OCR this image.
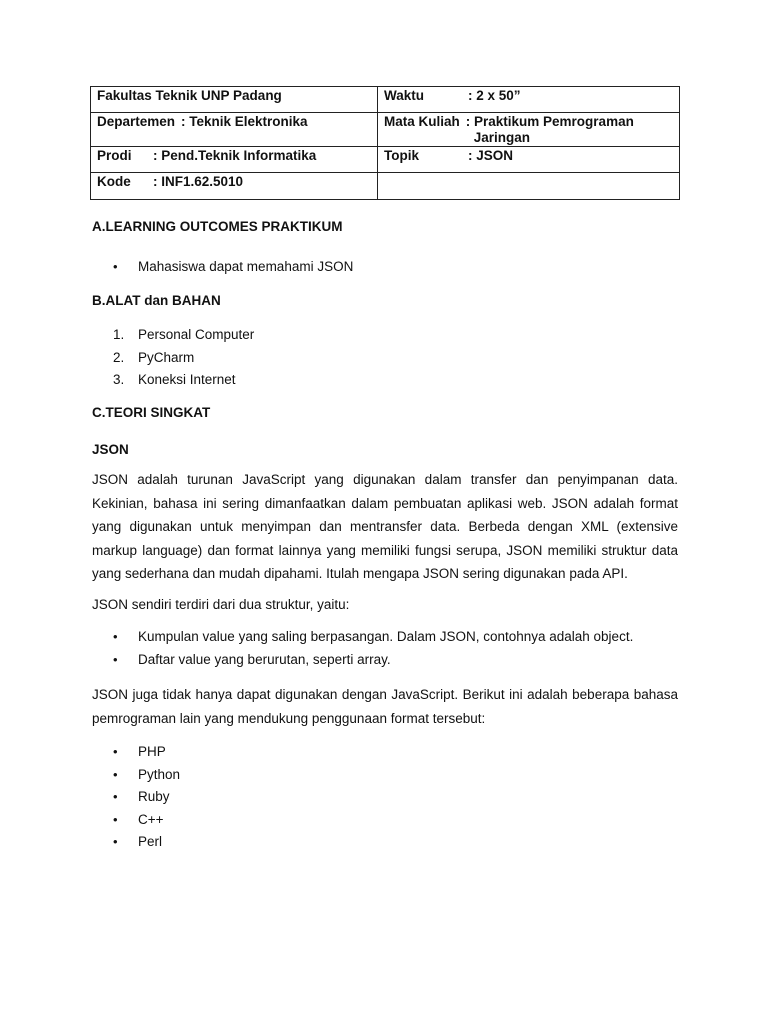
Fakultas Teknik UNP Padang	Waktu : 2 x 50”

Departemen : Teknik Elektronika	Mata Kuliah : Praktikum Pemrograman
Jaringan

Prodi : Pend.Teknik Informatika	Topik : JSON

Kode : INF1.62.5010	

A.LEARNING OUTCOMES PRAKTIKUM
• Mahasiswa dapat memahami JSON
B.ALAT dan BAHAN
1. Personal Computer
2. PyCharm
3. Koneksi Internet
C.TEORI SINGKAT
JSON

JSON adalah turunan JavaScript yang digunakan dalam transfer dan penyimpanan data. Kekinian, bahasa ini sering dimanfaatkan dalam pembuatan aplikasi web. JSON adalah format yang digunakan untuk menyimpan dan mentransfer data. Berbeda dengan XML (extensive markup language) dan format lainnya yang memiliki fungsi serupa, JSON memiliki struktur data yang sederhana dan mudah dipahami. Itulah mengapa JSON sering digunakan pada API.

JSON sendiri terdiri dari dua struktur, yaitu:

• Kumpulan value yang saling berpasangan. Dalam JSON, contohnya adalah object.
• Daftar value yang berurutan, seperti array.

JSON juga tidak hanya dapat digunakan dengan JavaScript. Berikut ini adalah beberapa bahasa pemrograman lain yang mendukung penggunaan format tersebut:

• PHP
• Python
• Ruby
• C++
• Perl
